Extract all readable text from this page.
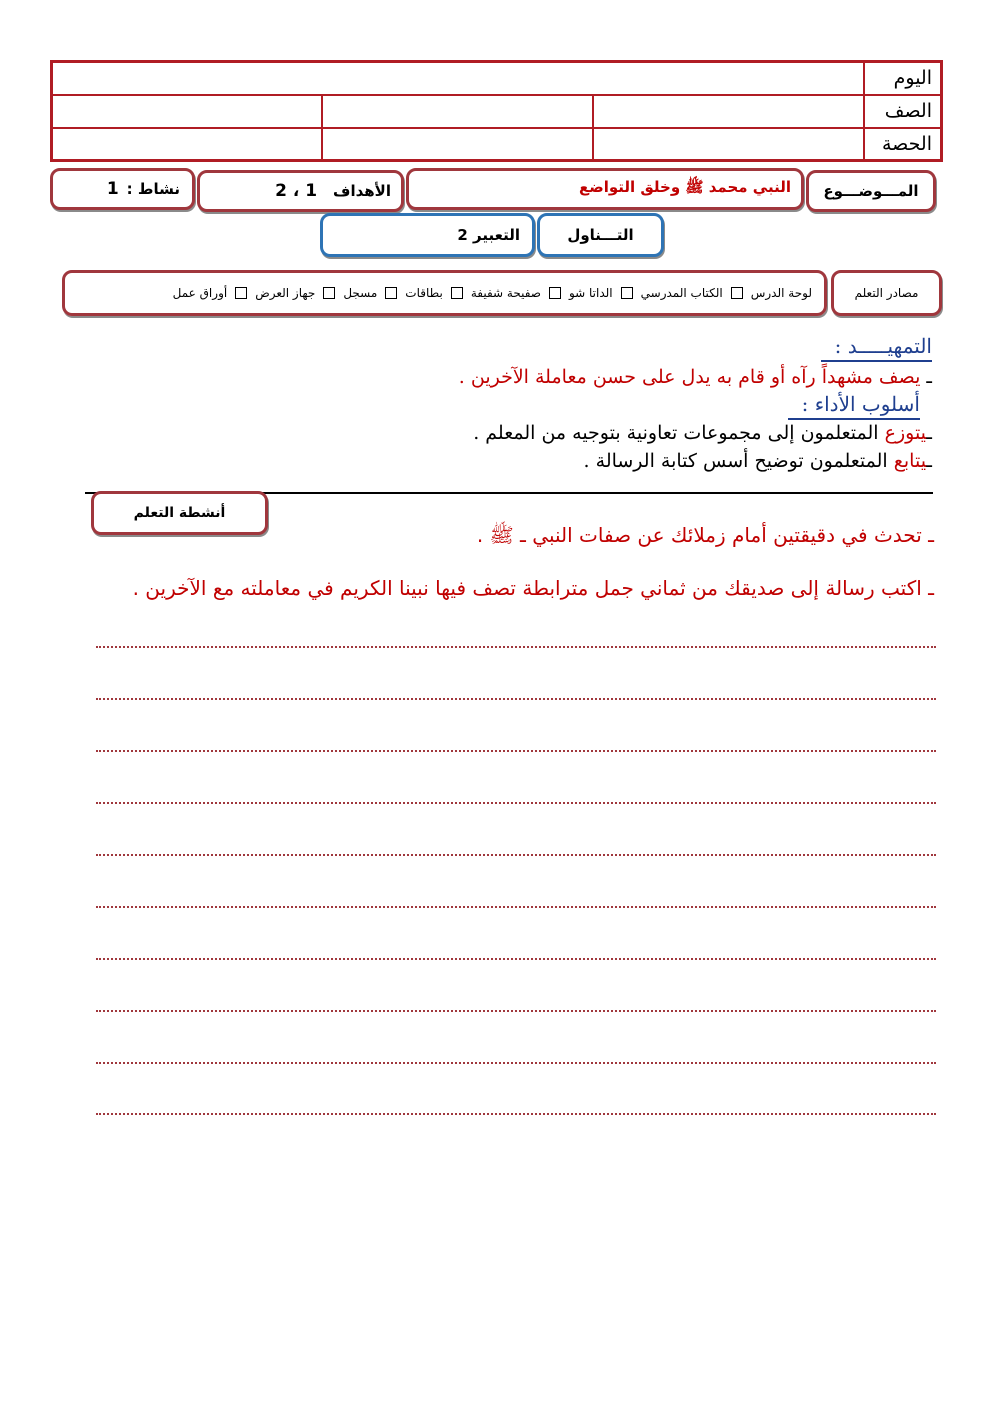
			اليوم
			الصف
			الحصة
المـــوضـــوع
النبي محمد ﷺ وخلق التواضع
الأهداف
1 ، 2
نشاط :
1
التـــناول
التعبير 2
مصادر التعلم
لوحة الدرس
الكتاب المدرسي
الداتا شو
صفيحة شفيفة
بطاقات
مسجل
جهاز العرض
أوراق عمل
التمهيـــــد :
ـ يصف مشهداً رآه أو قام به يدل على حسن معاملة الآخرين .
أسلوب الأداء :
ـيتوزع المتعلمون إلى مجموعات تعاونية بتوجيه من المعلم .
ـيتابع المتعلمون توضيح أسس كتابة الرسالة .
أنشطة التعلم
ـ تحدث في دقيقتين أمام زملائك عن صفات النبي ـ ﷺ .
ـ اكتب رسالة إلى صديقك من ثماني جمل مترابطة تصف فيها نبينا الكريم في معاملته مع الآخرين .
